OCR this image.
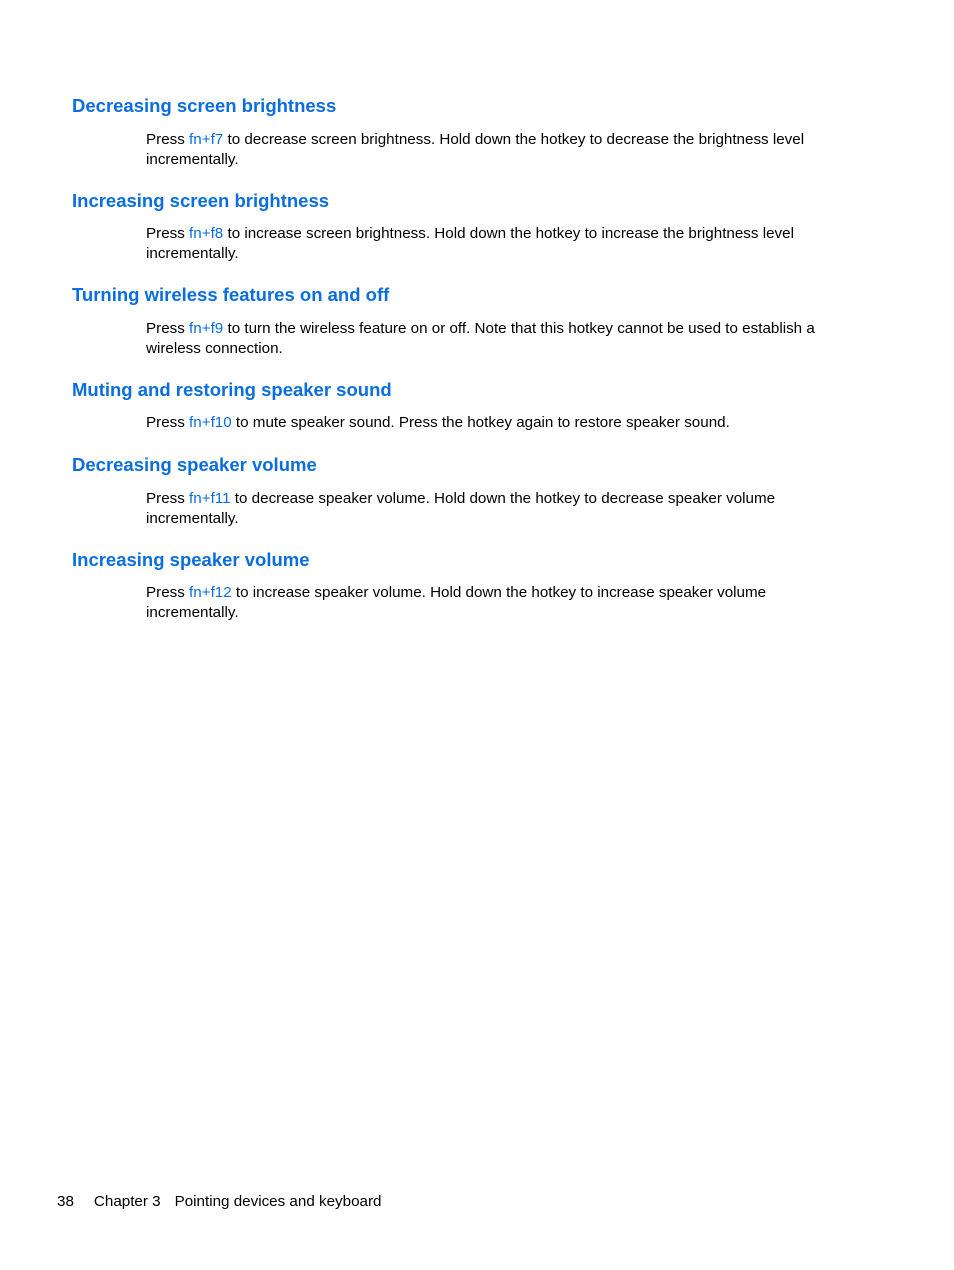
Decreasing screen brightness

Press fn+f7 to decrease screen brightness. Hold down the hotkey to decrease the brightness level incrementally.

Increasing screen brightness

Press fn+f8 to increase screen brightness. Hold down the hotkey to increase the brightness level incrementally.

Turning wireless features on and off

Press fn+f9 to turn the wireless feature on or off. Note that this hotkey cannot be used to establish a wireless connection.

Muting and restoring speaker sound

Press fn+f10 to mute speaker sound. Press the hotkey again to restore speaker sound.

Decreasing speaker volume

Press fn+f11 to decrease speaker volume. Hold down the hotkey to decrease speaker volume incrementally.

Increasing speaker volume

Press fn+f12 to increase speaker volume. Hold down the hotkey to increase speaker volume incrementally.

38 Chapter 3 Pointing devices and keyboard
